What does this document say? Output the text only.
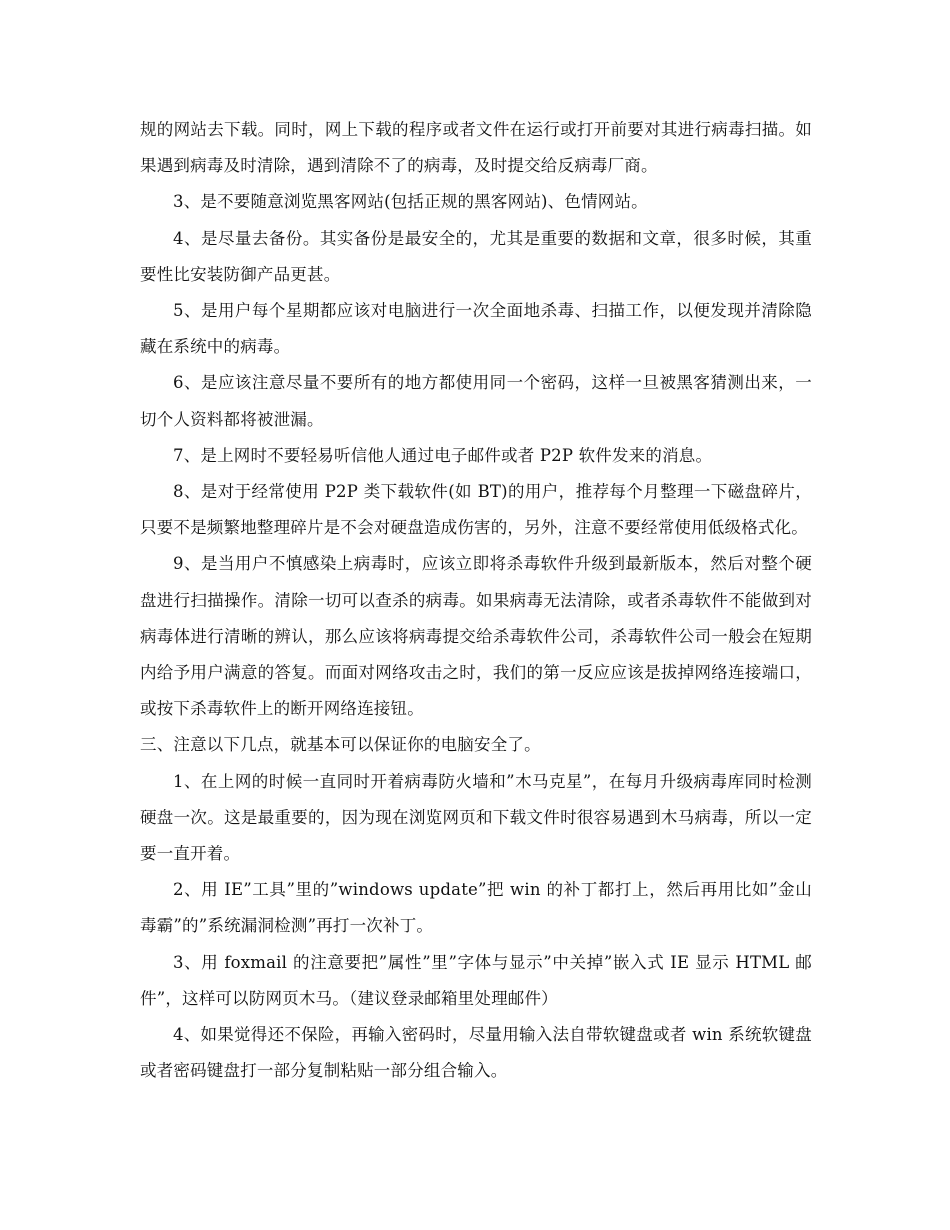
规的网站去下载。同时，网上下载的程序或者文件在运行或打开前要对其进行病毒扫描。如果遇到病毒及时清除，遇到清除不了的病毒，及时提交给反病毒厂商。

3、是不要随意浏览黑客网站(包括正规的黑客网站)、色情网站。

4、是尽量去备份。其实备份是最安全的，尤其是重要的数据和文章，很多时候，其重要性比安装防御产品更甚。

5、是用户每个星期都应该对电脑进行一次全面地杀毒、扫描工作，以便发现并清除隐藏在系统中的病毒。

6、是应该注意尽量不要所有的地方都使用同一个密码，这样一旦被黑客猜测出来，一切个人资料都将被泄漏。

7、是上网时不要轻易听信他人通过电子邮件或者 P2P 软件发来的消息。

8、是对于经常使用 P2P 类下载软件(如 BT)的用户，推荐每个月整理一下磁盘碎片，只要不是频繁地整理碎片是不会对硬盘造成伤害的，另外，注意不要经常使用低级格式化。

9、是当用户不慎感染上病毒时，应该立即将杀毒软件升级到最新版本，然后对整个硬盘进行扫描操作。清除一切可以查杀的病毒。如果病毒无法清除，或者杀毒软件不能做到对病毒体进行清晰的辨认，那么应该将病毒提交给杀毒软件公司，杀毒软件公司一般会在短期内给予用户满意的答复。而面对网络攻击之时，我们的第一反应应该是拔掉网络连接端口，或按下杀毒软件上的断开网络连接钮。

三、注意以下几点，就基本可以保证你的电脑安全了。

1、在上网的时候一直同时开着病毒防火墙和”木马克星”，在每月升级病毒库同时检测硬盘一次。这是最重要的，因为现在浏览网页和下载文件时很容易遇到木马病毒，所以一定要一直开着。

2、用 IE”工具”里的”windows update”把 win 的补丁都打上，然后再用比如”金山毒霸”的”系统漏洞检测”再打一次补丁。

3、用 foxmail 的注意要把”属性”里”字体与显示”中关掉”嵌入式 IE 显示 HTML 邮件”，这样可以防网页木马。（建议登录邮箱里处理邮件）

4、如果觉得还不保险，再输入密码时，尽量用输入法自带软键盘或者 win 系统软键盘或者密码键盘打一部分复制粘贴一部分组合输入。
